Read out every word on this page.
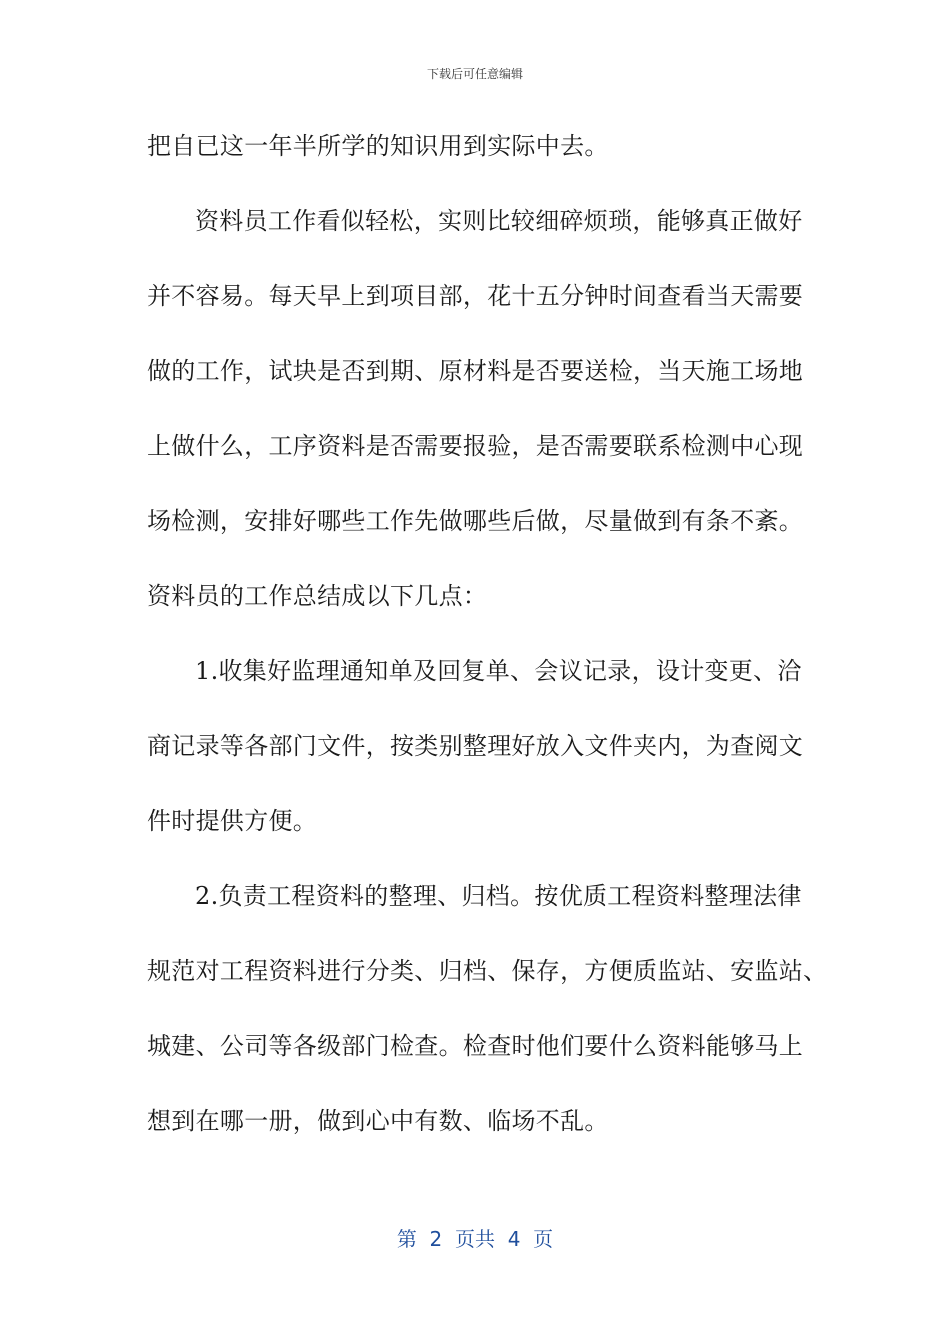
下载后可任意编辑
把自已这一年半所学的知识用到实际中去。
资料员工作看似轻松，实则比较细碎烦琐，能够真正做好
并不容易。每天早上到项目部，花十五分钟时间查看当天需要
做的工作，试块是否到期、原材料是否要送检，当天施工场地
上做什么，工序资料是否需要报验，是否需要联系检测中心现
场检测，安排好哪些工作先做哪些后做，尽量做到有条不紊。
资料员的工作总结成以下几点：
1.收集好监理通知单及回复单、会议记录，设计变更、洽
商记录等各部门文件，按类别整理好放入文件夹内，为查阅文
件时提供方便。
2.负责工程资料的整理、归档。按优质工程资料整理法律
规范对工程资料进行分类、归档、保存，方便质监站、安监站、
城建、公司等各级部门检查。检查时他们要什么资料能够马上
想到在哪一册，做到心中有数、临场不乱。
第  2  页共  4  页
